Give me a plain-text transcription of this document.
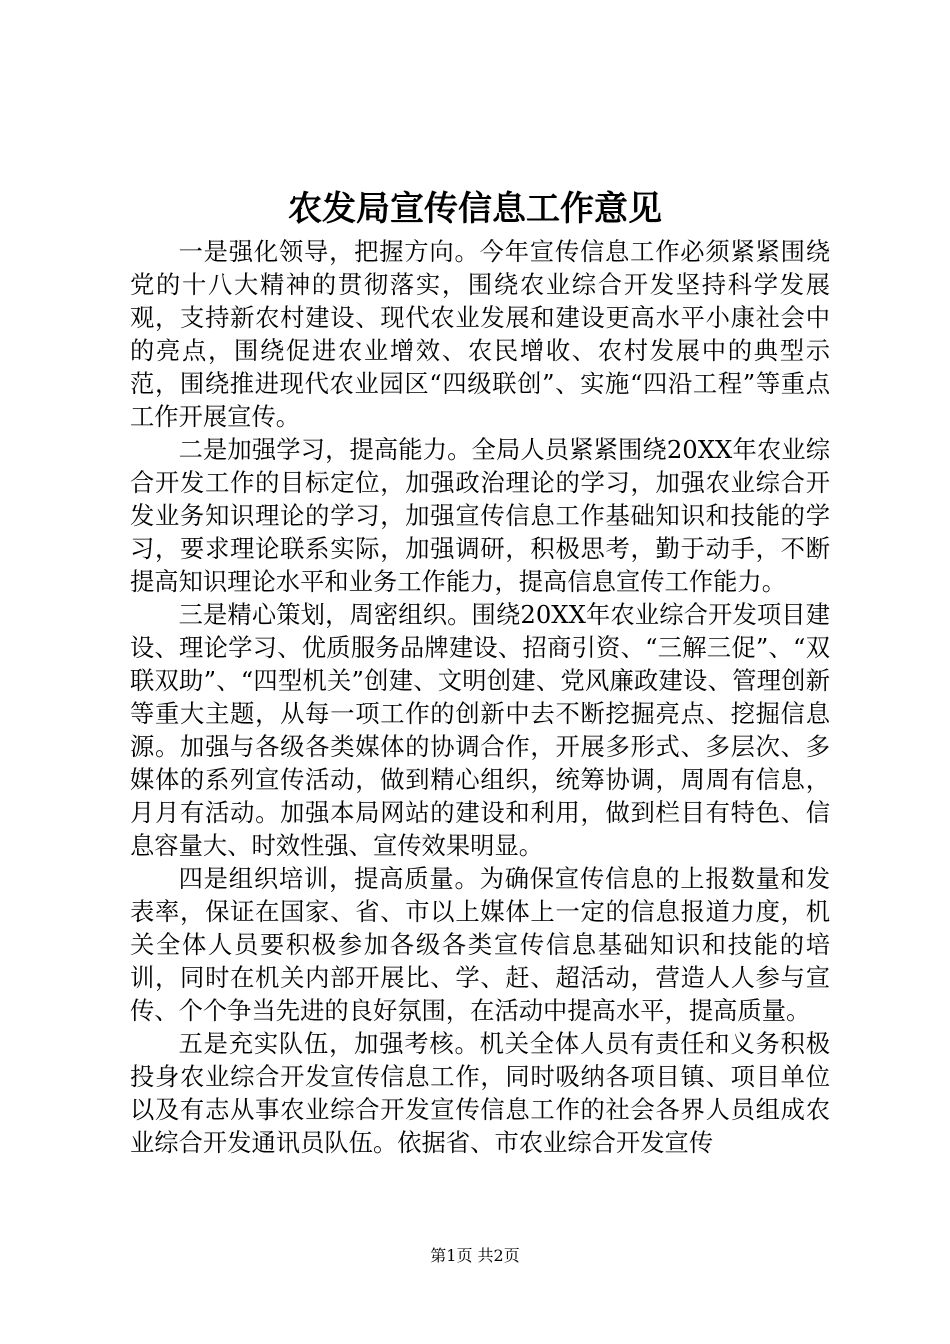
农发局宣传信息工作意见

一是强化领导，把握方向。今年宣传信息工作必须紧紧围绕党的十八大精神的贯彻落实，围绕农业综合开发坚持科学发展观，支持新农村建设、现代农业发展和建设更高水平小康社会中的亮点，围绕促进农业增效、农民增收、农村发展中的典型示范，围绕推进现代农业园区“四级联创”、实施“四沿工程”等重点工作开展宣传。

二是加强学习，提高能力。全局人员紧紧围绕20XX年农业综合开发工作的目标定位，加强政治理论的学习，加强农业综合开发业务知识理论的学习，加强宣传信息工作基础知识和技能的学习，要求理论联系实际，加强调研，积极思考，勤于动手，不断提高知识理论水平和业务工作能力，提高信息宣传工作能力。

三是精心策划，周密组织。围绕20XX年农业综合开发项目建设、理论学习、优质服务品牌建设、招商引资、“三解三促”、“双联双助”、“四型机关”创建、文明创建、党风廉政建设、管理创新等重大主题，从每一项工作的创新中去不断挖掘亮点、挖掘信息源。加强与各级各类媒体的协调合作，开展多形式、多层次、多媒体的系列宣传活动，做到精心组织，统筹协调，周周有信息，月月有活动。加强本局网站的建设和利用，做到栏目有特色、信息容量大、时效性强、宣传效果明显。

四是组织培训，提高质量。为确保宣传信息的上报数量和发表率，保证在国家、省、市以上媒体上一定的信息报道力度，机关全体人员要积极参加各级各类宣传信息基础知识和技能的培训，同时在机关内部开展比、学、赶、超活动，营造人人参与宣传、个个争当先进的良好氛围，在活动中提高水平，提高质量。

五是充实队伍，加强考核。机关全体人员有责任和义务积极投身农业综合开发宣传信息工作，同时吸纳各项目镇、项目单位以及有志从事农业综合开发宣传信息工作的社会各界人员组成农业综合开发通讯员队伍。依据省、市农业综合开发宣传

第1页 共2页
